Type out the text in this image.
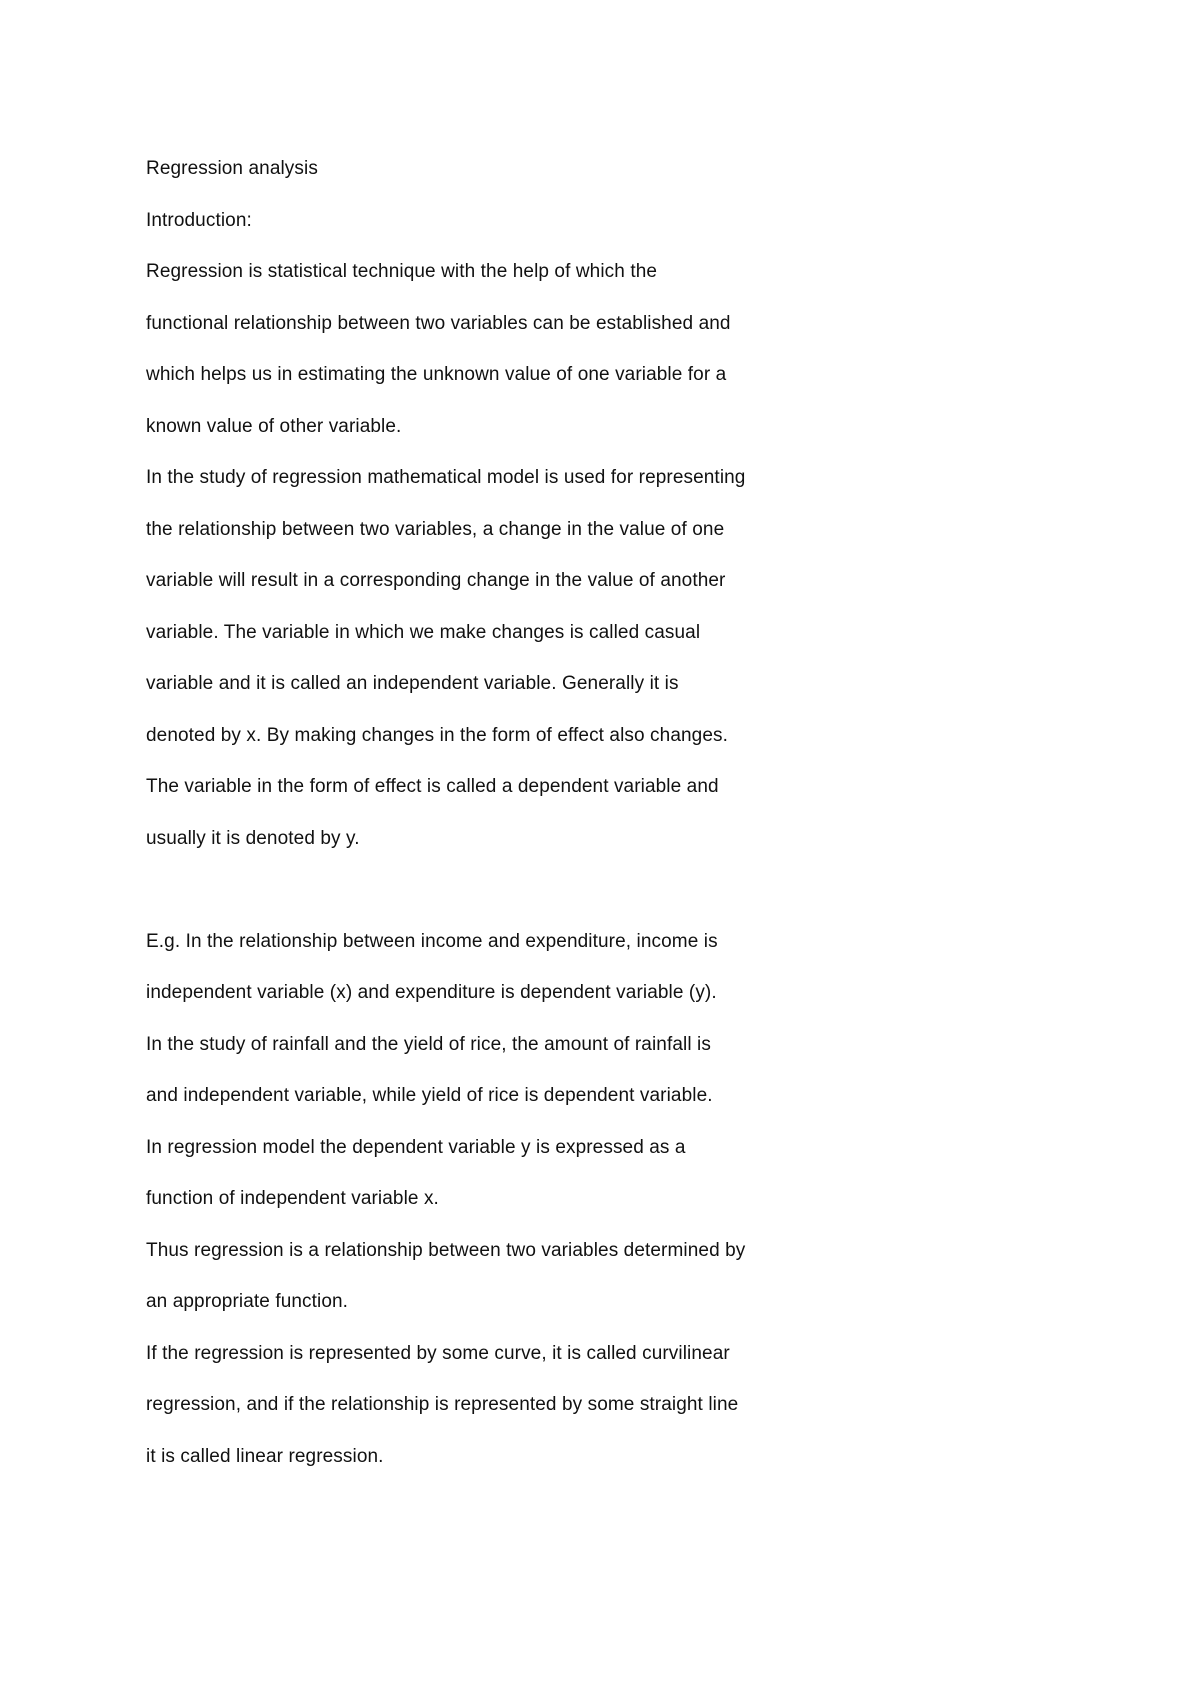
Regression analysis
Introduction:
Regression is statistical technique with the help of which the
functional relationship between two variables can be established and
which helps us in estimating the unknown value of one variable for a
known value of other variable.
In the study of regression mathematical model is used for representing
the relationship between two variables, a change in the value of one
variable will result in a corresponding change in the value of another
variable. The variable in which we make changes is called casual
variable and it is called an independent variable. Generally it is
denoted by x. By making changes in the form of effect also changes.
The variable in the form of effect is called a dependent variable and
usually it is denoted by y.
E.g. In the relationship between income and expenditure, income is
independent variable (x) and expenditure is dependent variable (y).
In the study of rainfall and the yield of rice, the amount of rainfall is
and independent variable, while yield of rice is dependent variable.
In regression model the dependent variable y is expressed as a
function of independent variable x.
Thus regression is a relationship between two variables determined by
an appropriate function.
If the regression is represented by some curve, it is called curvilinear
regression, and if the relationship is represented by some straight line
it is called linear regression.
